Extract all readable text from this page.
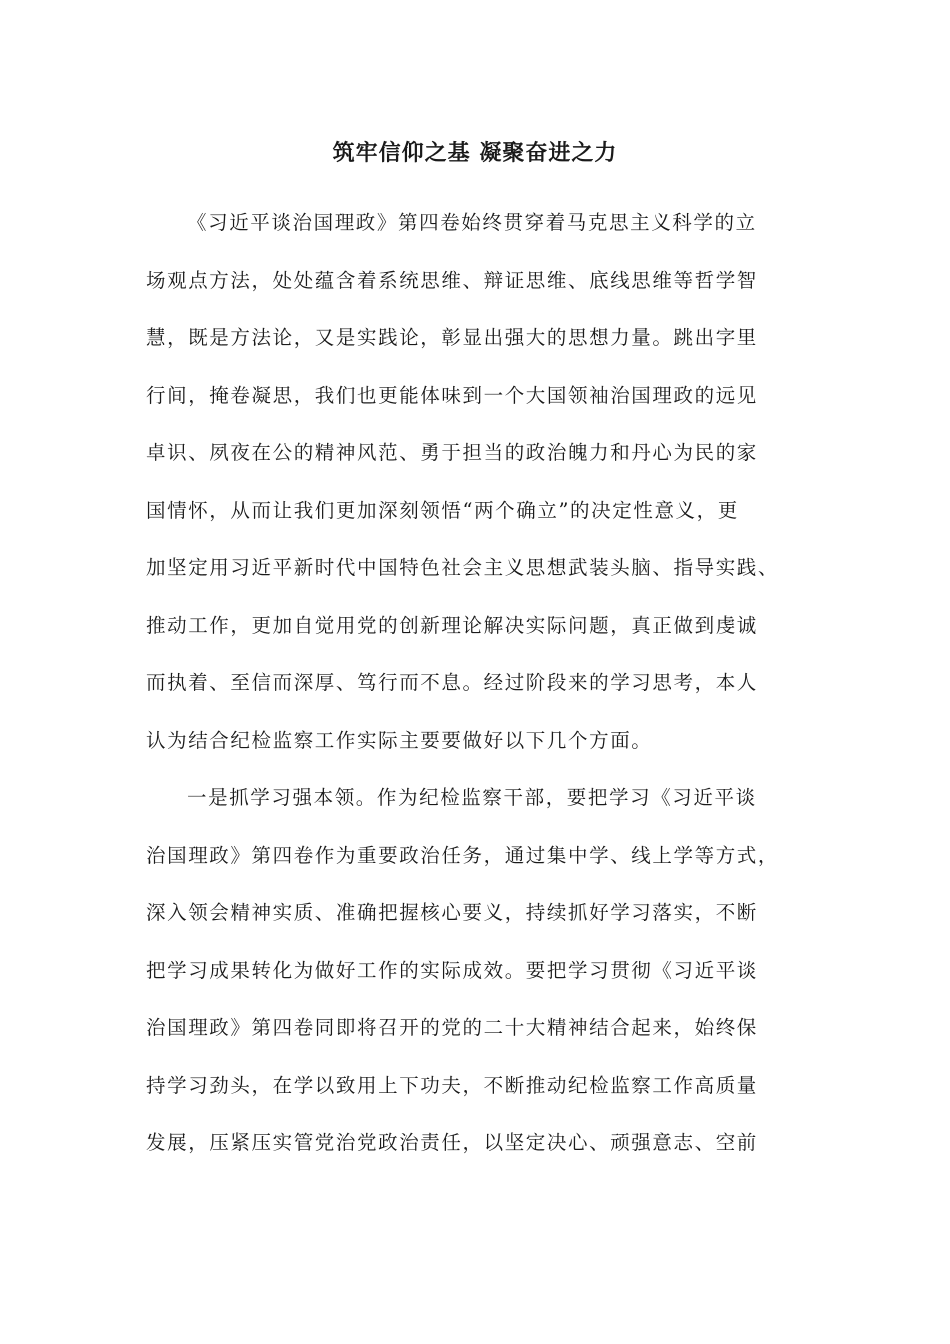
筑牢信仰之基 凝聚奋进之力
《习近平谈治国理政》第四卷始终贯穿着马克思主义科学的立
场观点方法，处处蕴含着系统思维、辩证思维、底线思维等哲学智
慧，既是方法论，又是实践论，彰显出强大的思想力量。跳出字里
行间，掩卷凝思，我们也更能体味到一个大国领袖治国理政的远见
卓识、夙夜在公的精神风范、勇于担当的政治魄力和丹心为民的家
国情怀，从而让我们更加深刻领悟“两个确立”的决定性意义，更
加坚定用习近平新时代中国特色社会主义思想武装头脑、指导实践、
推动工作，更加自觉用党的创新理论解决实际问题，真正做到虔诚
而执着、至信而深厚、笃行而不息。经过阶段来的学习思考，本人
认为结合纪检监察工作实际主要要做好以下几个方面。
一是抓学习强本领。作为纪检监察干部，要把学习《习近平谈
治国理政》第四卷作为重要政治任务，通过集中学、线上学等方式，
深入领会精神实质、准确把握核心要义，持续抓好学习落实，不断
把学习成果转化为做好工作的实际成效。要把学习贯彻《习近平谈
治国理政》第四卷同即将召开的党的二十大精神结合起来，始终保
持学习劲头，在学以致用上下功夫，不断推动纪检监察工作高质量
发展，压紧压实管党治党政治责任，以坚定决心、顽强意志、空前
